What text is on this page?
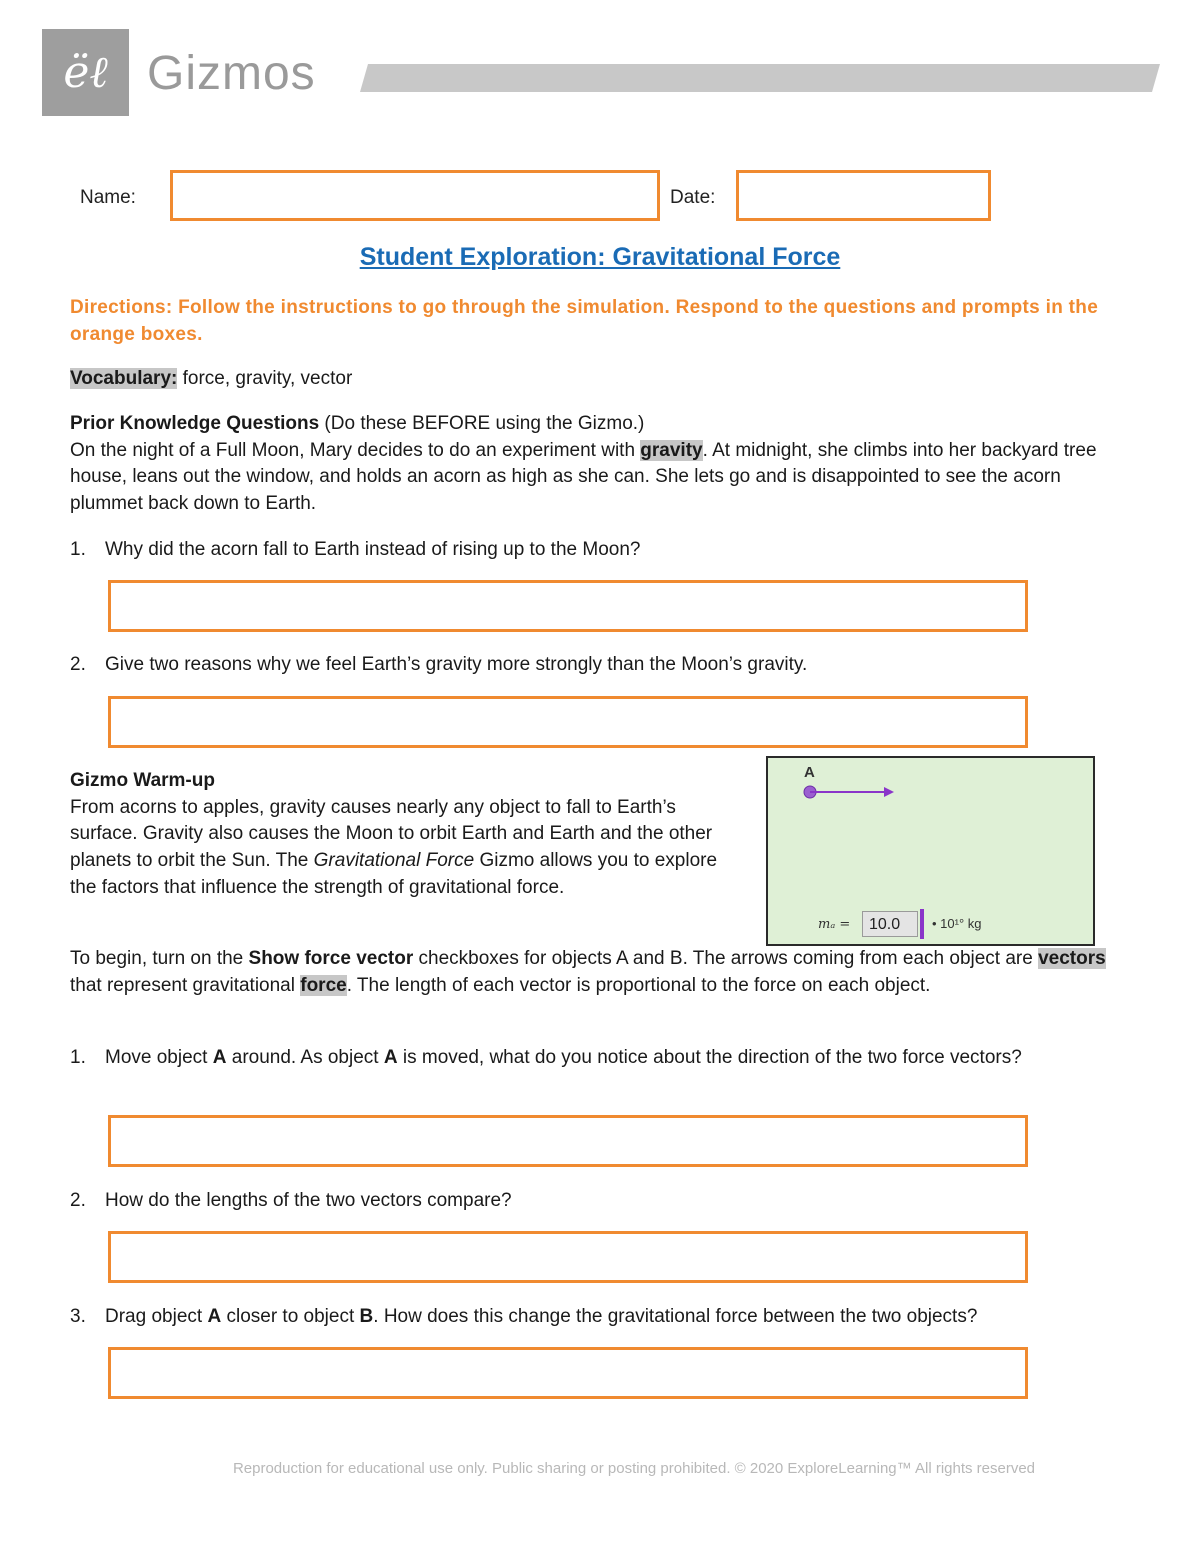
ëℓ Gizmos
Name:	Date:
Student Exploration: Gravitational Force
Directions: Follow the instructions to go through the simulation. Respond to the questions and prompts in the orange boxes.
Vocabulary: force, gravity, vector
Prior Knowledge Questions (Do these BEFORE using the Gizmo.)
On the night of a Full Moon, Mary decides to do an experiment with gravity. At midnight, she climbs into her backyard tree house, leans out the window, and holds an acorn as high as she can. She lets go and is disappointed to see the acorn plummet back down to Earth.
1. Why did the acorn fall to Earth instead of rising up to the Moon?
2. Give two reasons why we feel Earth’s gravity more strongly than the Moon’s gravity.
Gizmo Warm-up
From acorns to apples, gravity causes nearly any object to fall to Earth’s surface. Gravity also causes the Moon to orbit Earth and Earth and the other planets to orbit the Sun. The Gravitational Force Gizmo allows you to explore the factors that influence the strength of gravitational force.
A
mₐ =	10.0	• 10¹° kg
To begin, turn on the Show force vector checkboxes for objects A and B. The arrows coming from each object are vectors that represent gravitational force. The length of each vector is proportional to the force on each object.
1. Move object A around. As object A is moved, what do you notice about the direction of the two force vectors?
2. How do the lengths of the two vectors compare?
3. Drag object A closer to object B. How does this change the gravitational force between the two objects?
Reproduction for educational use only. Public sharing or posting prohibited. © 2020 ExploreLearning™ All rights reserved
